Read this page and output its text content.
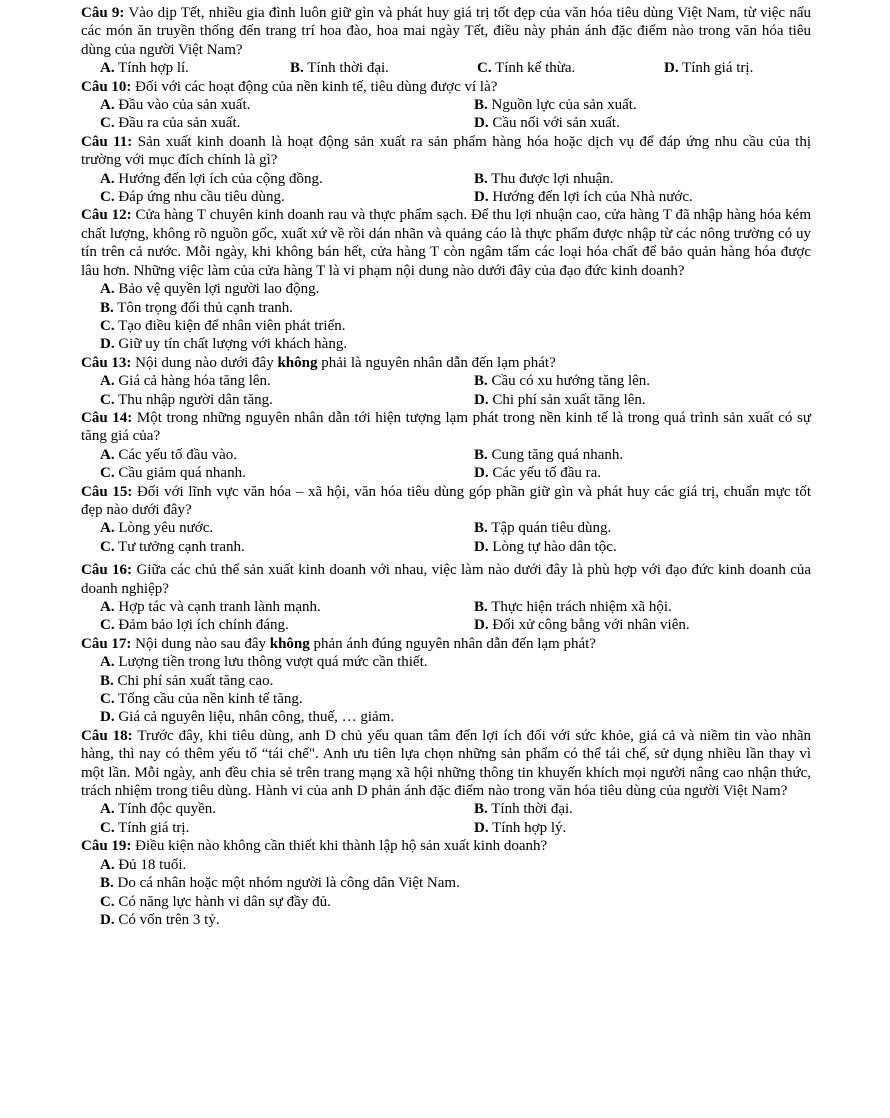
Câu 9: Vào dịp Tết, nhiều gia đình luôn giữ gìn và phát huy giá trị tốt đẹp của văn hóa tiêu dùng Việt Nam, từ việc nấu các món ăn truyền thống đến trang trí hoa đào, hoa mai ngày Tết, điều này phản ánh đặc điểm nào trong văn hóa tiêu dùng của người Việt Nam?
A. Tính hợp lí.	B. Tính thời đại.	C. Tính kế thừa.	D. Tính giá trị.
Câu 10: Đối với các hoạt động của nền kinh tế, tiêu dùng được ví là?
A. Đầu vào của sản xuất.	B. Nguồn lực của sản xuất.
C. Đầu ra của sản xuất.	D. Cầu nối với sản xuất.
Câu 11: Sản xuất kinh doanh là hoạt động sản xuất ra sản phẩm hàng hóa hoặc dịch vụ để đáp ứng nhu cầu của thị trường với mục đích chính là gì?
A. Hướng đến lợi ích của cộng đồng.	B. Thu được lợi nhuận.
C. Đáp ứng nhu cầu tiêu dùng.	D. Hướng đến lợi ích của Nhà nước.
Câu 12: Cửa hàng T chuyên kinh doanh rau và thực phẩm sạch. Để thu lợi nhuận cao, cửa hàng T đã nhập hàng hóa kém chất lượng, không rõ nguồn gốc, xuất xứ về rồi dán nhãn và quảng cáo là thực phẩm được nhập từ các nông trường có uy tín trên cả nước. Mỗi ngày, khi không bán hết, cửa hàng T còn ngâm tẩm các loại hóa chất để bảo quản hàng hóa được lâu hơn. Những việc làm của cửa hàng T là vi phạm nội dung nào dưới đây của đạo đức kinh doanh?
A. Bảo vệ quyền lợi người lao động.
B. Tôn trọng đối thủ cạnh tranh.
C. Tạo điều kiện để nhân viên phát triển.
D. Giữ uy tín chất lượng với khách hàng.
Câu 13: Nội dung nào dưới đây không phải là nguyên nhân dẫn đến lạm phát?
A. Giá cả hàng hóa tăng lên.	B. Cầu có xu hướng tăng lên.
C. Thu nhập người dân tăng.	D. Chi phí sản xuất tăng lên.
Câu 14: Một trong những nguyên nhân dẫn tới hiện tượng lạm phát trong nền kinh tế là trong quá trình sản xuất có sự tăng giá của?
A. Các yếu tố đầu vào.	B. Cung tăng quá nhanh.
C. Cầu giảm quá nhanh.	D. Các yếu tố đầu ra.
Câu 15: Đối với lĩnh vực văn hóa – xã hội, văn hóa tiêu dùng góp phần giữ gìn và phát huy các giá trị, chuẩn mực tốt đẹp nào dưới đây?
A. Lòng yêu nước.	B. Tập quán tiêu dùng.
C. Tư tưởng cạnh tranh.	D. Lòng tự hào dân tộc.
Câu 16: Giữa các chủ thể sản xuất kinh doanh với nhau, việc làm nào dưới đây là phù hợp với đạo đức kinh doanh của doanh nghiệp?
A. Hợp tác và cạnh tranh lành mạnh.	B. Thực hiện trách nhiệm xã hội.
C. Đảm bảo lợi ích chính đáng.	D. Đối xử công bằng với nhân viên.
Câu 17: Nội dung nào sau đây không phản ánh đúng nguyên nhân dẫn đến lạm phát?
A. Lượng tiền trong lưu thông vượt quá mức cần thiết.
B. Chi phí sản xuất tăng cao.
C. Tổng cầu của nền kinh tế tăng.
D. Giá cả nguyên liệu, nhân công, thuế, … giảm.
Câu 18: Trước đây, khi tiêu dùng, anh D chủ yếu quan tâm đến lợi ích đối với sức khỏe, giá cả và niềm tin vào nhãn hàng, thì nay có thêm yếu tố “tái chế". Anh ưu tiên lựa chọn những sản phẩm có thể tái chế, sử dụng nhiều lần thay vì một lần. Mỗi ngày, anh đều chia sẻ trên trang mạng xã hội những thông tin khuyến khích mọi người nâng cao nhận thức, trách nhiệm trong tiêu dùng. Hành vi của anh D phản ánh đặc điểm nào trong văn hóa tiêu dùng của người Việt Nam?
A. Tính độc quyền.	B. Tính thời đại.
C. Tính giá trị.	D. Tính hợp lý.
Câu 19: Điều kiện nào không cần thiết khi thành lập hộ sản xuất kinh doanh?
A. Đủ 18 tuổi.
B. Do cá nhân hoặc một nhóm người là công dân Việt Nam.
C. Có năng lực hành vi dân sự đầy đủ.
D. Có vốn trên 3 tỷ.
